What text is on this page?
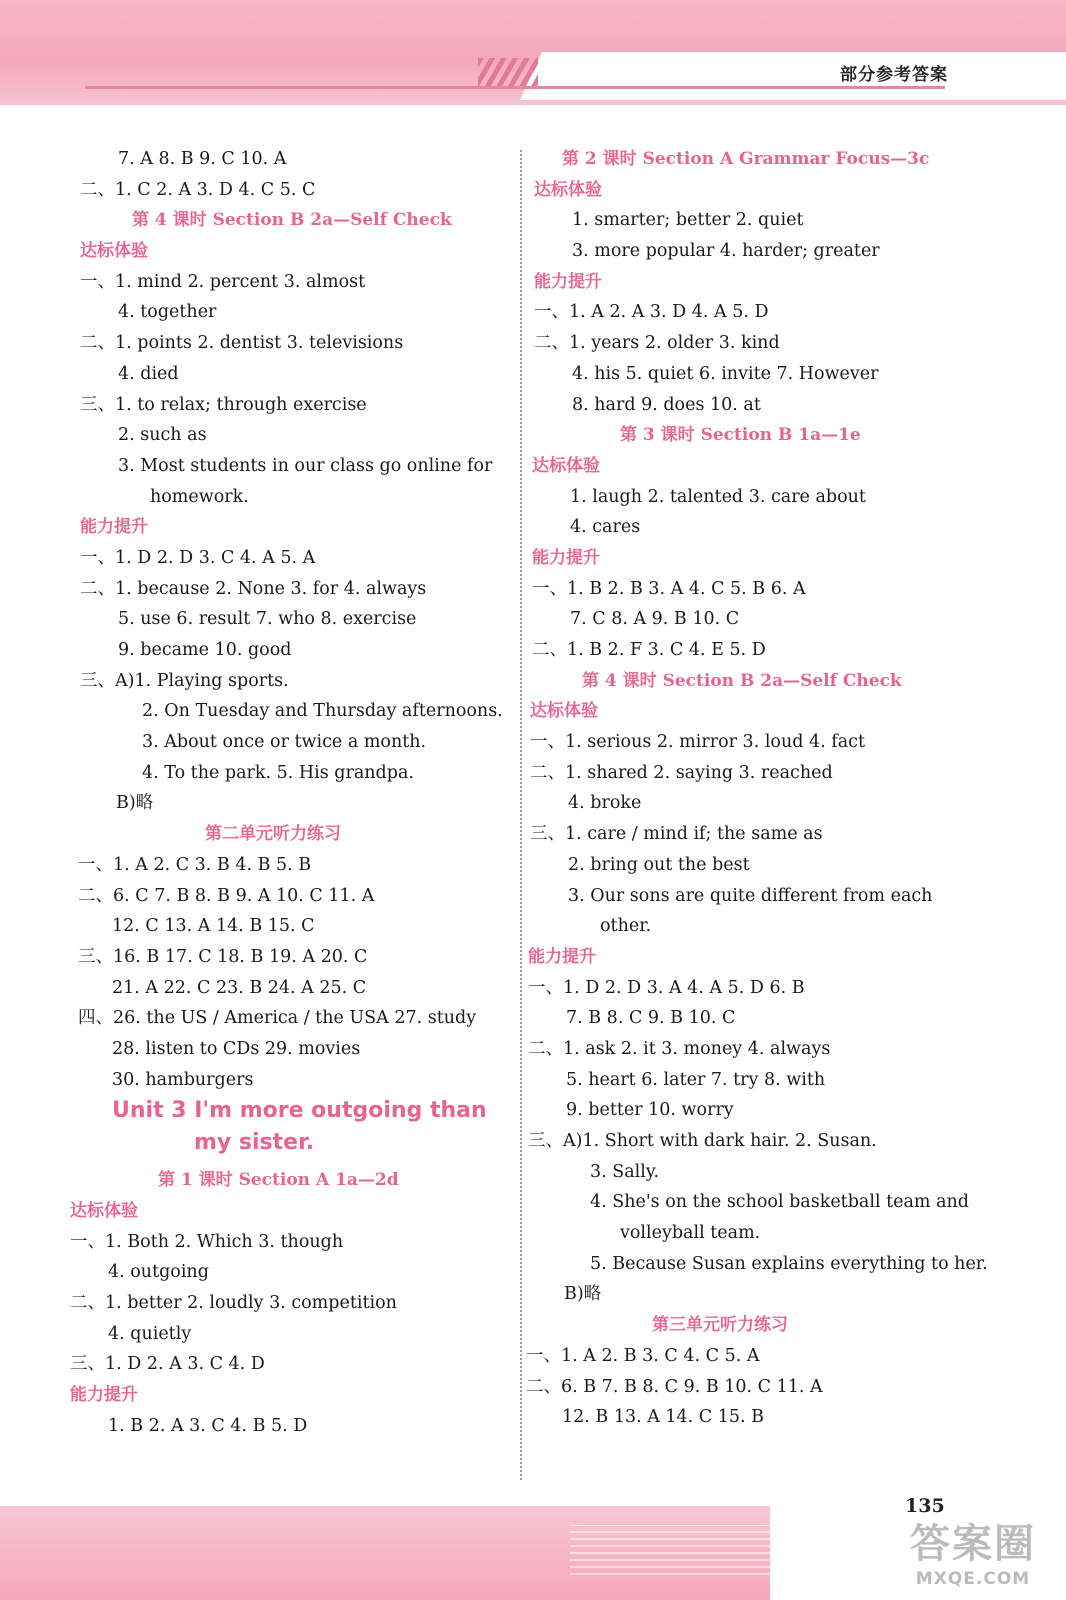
部分参考答案
7. A 8. B 9. C 10. A
二、1. C 2. A 3. D 4. C 5. C
第 4 课时 Section B 2a—Self Check
达标体验
一、1. mind 2. percent 3. almost
4. together
二、1. points 2. dentist 3. televisions
4. died
三、1. to relax; through exercise
2. such as
3. Most students in our class go online for
homework.
能力提升
一、1. D 2. D 3. C 4. A 5. A
二、1. because 2. None 3. for 4. always
5. use 6. result 7. who 8. exercise
9. became 10. good
三、A)1. Playing sports.
2. On Tuesday and Thursday afternoons.
3. About once or twice a month.
4. To the park. 5. His grandpa.
B)略
第二单元听力练习
一、1. A 2. C 3. B 4. B 5. B
二、6. C 7. B 8. B 9. A 10. C 11. A
12. C 13. A 14. B 15. C
三、16. B 17. C 18. B 19. A 20. C
21. A 22. C 23. B 24. A 25. C
四、26. the US / America / the USA 27. study
28. listen to CDs 29. movies
30. hamburgers
Unit 3 I'm more outgoing than
my sister.
第 1 课时 Section A 1a—2d
达标体验
一、1. Both 2. Which 3. though
4. outgoing
二、1. better 2. loudly 3. competition
4. quietly
三、1. D 2. A 3. C 4. D
能力提升
1. B 2. A 3. C 4. B 5. D
第 2 课时 Section A Grammar Focus—3c
达标体验
1. smarter; better 2. quiet
3. more popular 4. harder; greater
能力提升
一、1. A 2. A 3. D 4. A 5. D
二、1. years 2. older 3. kind
4. his 5. quiet 6. invite 7. However
8. hard 9. does 10. at
第 3 课时 Section B 1a—1e
达标体验
1. laugh 2. talented 3. care about
4. cares
能力提升
一、1. B 2. B 3. A 4. C 5. B 6. A
7. C 8. A 9. B 10. C
二、1. B 2. F 3. C 4. E 5. D
第 4 课时 Section B 2a—Self Check
达标体验
一、1. serious 2. mirror 3. loud 4. fact
二、1. shared 2. saying 3. reached
4. broke
三、1. care / mind if; the same as
2. bring out the best
3. Our sons are quite different from each
other.
能力提升
一、1. D 2. D 3. A 4. A 5. D 6. B
7. B 8. C 9. B 10. C
二、1. ask 2. it 3. money 4. always
5. heart 6. later 7. try 8. with
9. better 10. worry
三、A)1. Short with dark hair. 2. Susan.
3. Sally.
4. She's on the school basketball team and
volleyball team.
5. Because Susan explains everything to her.
B)略
第三单元听力练习
一、1. A 2. B 3. C 4. C 5. A
二、6. B 7. B 8. C 9. B 10. C 11. A
12. B 13. A 14. C 15. B
135
答案圈
MXQE.COM
